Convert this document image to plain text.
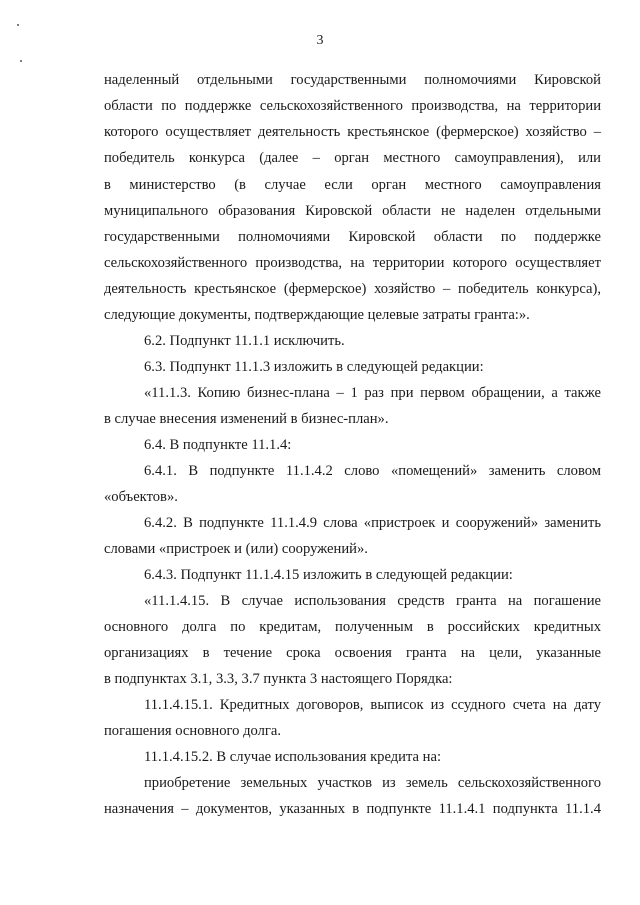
3
наделенный отдельными государственными полномочиями Кировской
области по поддержке сельскохозяйственного производства, на территории
которого осуществляет деятельность крестьянское (фермерское) хозяйство –
победитель конкурса (далее – орган местного самоуправления), или
в министерство (в случае если орган местного самоуправления
муниципального образования Кировской области не наделен отдельными
государственными полномочиями Кировской области по поддержке
сельскохозяйственного производства, на территории которого осуществляет
деятельность крестьянское (фермерское) хозяйство – победитель конкурса),
следующие документы, подтверждающие целевые затраты гранта:».
6.2. Подпункт 11.1.1 исключить.
6.3. Подпункт 11.1.3 изложить в следующей редакции:
«11.1.3. Копию бизнес-плана – 1 раз при первом обращении, а также
в случае внесения изменений в бизнес-план».
6.4. В подпункте 11.1.4:
6.4.1. В подпункте 11.1.4.2 слово «помещений» заменить словом
«объектов».
6.4.2. В подпункте 11.1.4.9 слова «пристроек и сооружений» заменить
словами «пристроек и (или) сооружений».
6.4.3. Подпункт 11.1.4.15 изложить в следующей редакции:
«11.1.4.15. В случае использования средств гранта на погашение
основного долга по кредитам, полученным в российских кредитных
организациях в течение срока освоения гранта на цели, указанные
в подпунктах 3.1, 3.3, 3.7 пункта 3 настоящего Порядка:
11.1.4.15.1. Кредитных договоров, выписок из ссудного счета на дату
погашения основного долга.
11.1.4.15.2. В случае использования кредита на:
приобретение земельных участков из земель сельскохозяйственного
назначения – документов, указанных в подпункте 11.1.4.1 подпункта 11.1.4
